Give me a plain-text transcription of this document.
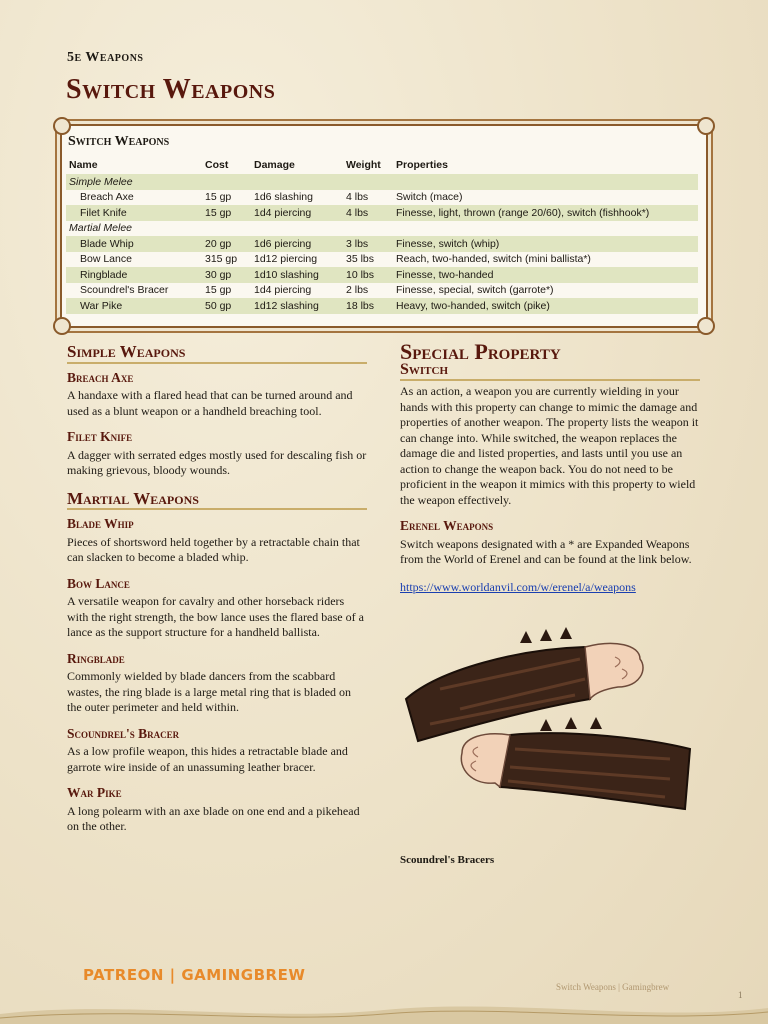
5e Weapons
Switch Weapons
Switch Weapons
Name	Cost	Damage	Weight	Properties
Simple Melee				
Breach Axe	15 gp	1d6 slashing	4 lbs	Switch (mace)
Filet Knife	15 gp	1d4 piercing	4 lbs	Finesse, light, thrown (range 20/60), switch (fishhook*)
Martial Melee				
Blade Whip	20 gp	1d6 piercing	3 lbs	Finesse, switch (whip)
Bow Lance	315 gp	1d12 piercing	35 lbs	Reach, two-handed, switch (mini ballista*)
Ringblade	30 gp	1d10 slashing	10 lbs	Finesse, two-handed
Scoundrel's Bracer	15 gp	1d4 piercing	2 lbs	Finesse, special, switch (garrote*)
War Pike	50 gp	1d12 slashing	18 lbs	Heavy, two-handed, switch (pike)
Simple Weapons
Breach Axe

A handaxe with a flared head that can be turned around and used as a blunt weapon or a handheld breaching tool.

Filet Knife

A dagger with serrated edges mostly used for descaling fish or making grievous, bloody wounds.

Martial Weapons
Blade Whip

Pieces of shortsword held together by a retractable chain that can slacken to become a bladed whip.

Bow Lance

A versatile weapon for cavalry and other horseback riders with the right strength, the bow lance uses the flared base of a lance as the support structure for a handheld ballista.

Ringblade

Commonly wielded by blade dancers from the scabbard wastes, the ring blade is a large metal ring that is bladed on the outer perimeter and held within.

Scoundrel's Bracer

As a low profile weapon, this hides a retractable blade and garrote wire inside of an unassuming leather bracer.

War Pike

A long polearm with an axe blade on one end and a pikehead on the other.

Special Property
Switch

As an action, a weapon you are currently wielding in your hands with this property can change to mimic the damage and properties of another weapon. The property lists the weapon it can change into. While switched, the weapon replaces the damage die and listed properties, and lasts until you use an action to change the weapon back. You do not need to be proficient in the weapon it mimics with this property to wield the weapon effectively.

Erenel Weapons

Switch weapons designated with a * are Expanded Weapons from the World of Erenel and can be found at the link below.

https://www.worldanvil.com/w/erenel/a/weapons

Scoundrel's Bracers
PATREON | GAMINGBREW
Switch Weapons | Gamingbrew
1
